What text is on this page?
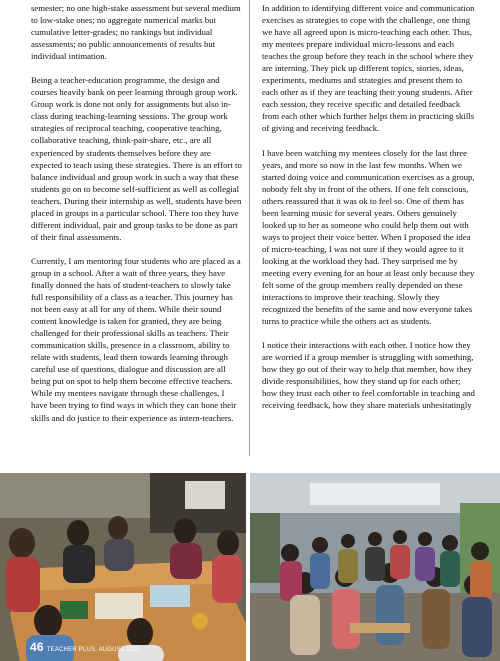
semester; no one high-stake assessment but several medium to low-stake ones; no aggregate numerical marks but cumulative letter-grades; no rankings but individual assessments; no public announcements of results but individual intimation.

Being a teacher-education programme, the design and courses heavily bank on peer learning through group work. Group work is done not only for assignments but also in-class during teaching-learning sessions. The group work strategies of reciprocal teaching, cooperative teaching, collaborative teaching, think-pair-share, etc., are all experienced by students themselves before they are expected to teach using these strategies. There is an effort to balance individual and group work in such a way that these students go on to become self-sufficient as well as collegial teachers. During their internship as well, students have been placed in groups in a particular school. There too they have different individual, pair and group tasks to be done as part of their final assessments.

Currently, I am mentoring four students who are placed as a group in a school. After a wait of three years, they have finally donned the hats of student-teachers to slowly take full responsibility of a class as a teacher. This journey has not been easy at all for any of them. While their sound content knowledge is taken for granted, they are being challenged for their professional skills as teachers. Their communication skills, presence in a classroom, ability to relate with students, lead them towards learning through careful use of questions, dialogue and discussion are all being put on spot to help them become effective teachers. While my mentees navigate through these challenges, I have been trying to find ways in which they can hone their skills and do justice to their experience as intern-teachers.

In addition to identifying different voice and communication exercises as strategies to cope with the challenge, one thing we have all agreed upon is micro-teaching each other. Thus, my mentees prepare individual micro-lessons and each teaches the group before they teach in the school where they are interning. They pick up different topics, stories, ideas, experiments, mediums and strategies and present them to each other as if they are teaching their young students. After each session, they receive specific and detailed feedback from each other which further helps them in practicing skills of giving and receiving feedback.

I have been watching my mentees closely for the last three years, and more so now in the last few months. When we started doing voice and communication exercises as a group, nobody felt shy in front of the others. If one felt conscious, others reassured that it was ok to feel so. One of them has been learning music for several years. Others genuinely looked up to her as someone who could help them out with ways to project their voice better. When I proposed the idea of micro-teaching, I was not sure if they would agree to it looking at the workload they had. They surprised me by meeting every evening for an hour at least only because they felt some of the group members really depended on these interactions to improve their teaching. Slowly they recognized the benefits of the same and now everyone takes turns to practice while the others act as students.

I notice their interactions with each other. I notice how they are worried if a group member is struggling with something, how they go out of their way to help that member, how they divide responsibilities, how they stand up for each other; how they trust each other to feel comfortable in teaching and receiving feedback, how they share materials unhesitatingly

46 TEACHER PLUS, AUGUST 2022
